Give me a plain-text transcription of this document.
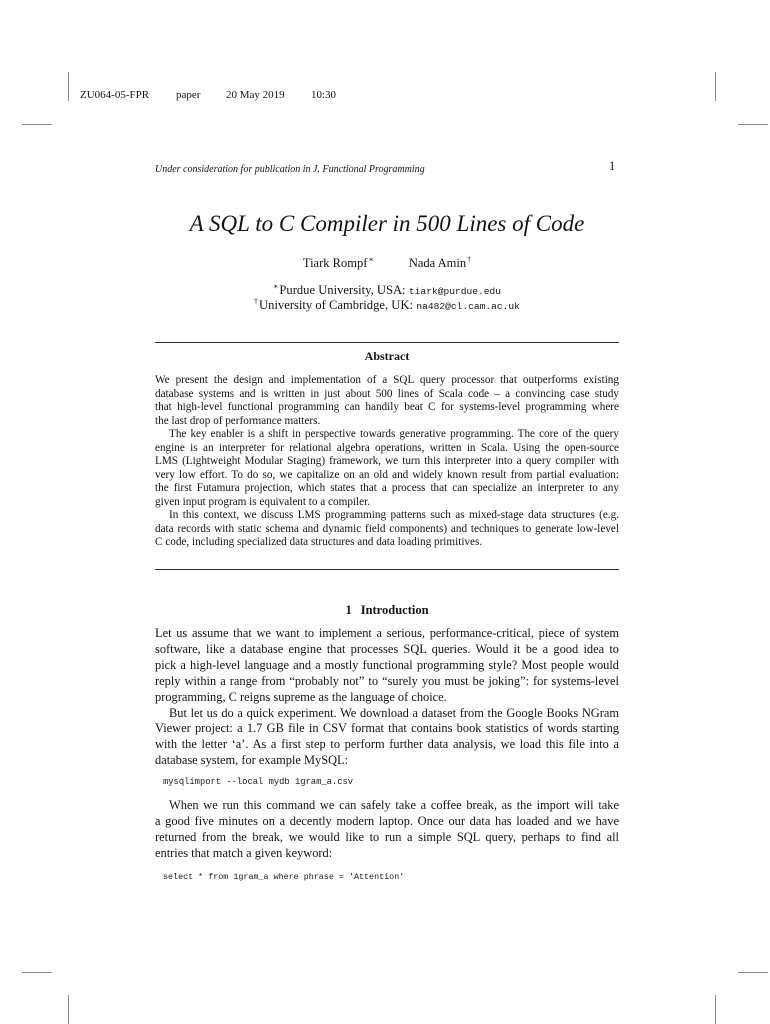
ZU064-05-FPR paper 20 May 2019 10:30
Under consideration for publication in J. Functional Programming	1
A SQL to C Compiler in 500 Lines of Code
Tiark Rompf∗	Nada Amin†
∗Purdue University, USA: tiark@purdue.edu
†University of Cambridge, UK: na482@cl.cam.ac.uk
Abstract
We present the design and implementation of a SQL query processor that outperforms existing
database systems and is written in just about 500 lines of Scala code – a convincing case study
that high-level functional programming can handily beat C for systems-level programming where
the last drop of performance matters.
The key enabler is a shift in perspective towards generative programming. The core of the query
engine is an interpreter for relational algebra operations, written in Scala. Using the open-source
LMS (Lightweight Modular Staging) framework, we turn this interpreter into a query compiler with
very low effort. To do so, we capitalize on an old and widely known result from partial evaluation:
the first Futamura projection, which states that a process that can specialize an interpreter to any
given input program is equivalent to a compiler.
In this context, we discuss LMS programming patterns such as mixed-stage data structures (e.g.
data records with static schema and dynamic field components) and techniques to generate low-level
C code, including specialized data structures and data loading primitives.
1 Introduction
Let us assume that we want to implement a serious, performance-critical, piece of system
software, like a database engine that processes SQL queries. Would it be a good idea to
pick a high-level language and a mostly functional programming style? Most people would
reply within a range from “probably not” to “surely you must be joking”: for systems-level
programming, C reigns supreme as the language of choice.
But let us do a quick experiment. We download a dataset from the Google Books NGram
Viewer project: a 1.7 GB file in CSV format that contains book statistics of words starting
with the letter ‘a’. As a first step to perform further data analysis, we load this file into a
database system, for example MySQL:
mysqlimport --local mydb 1gram_a.csv
When we run this command we can safely take a coffee break, as the import will take
a good five minutes on a decently modern laptop. Once our data has loaded and we have
returned from the break, we would like to run a simple SQL query, perhaps to find all
entries that match a given keyword:
select * from 1gram_a where phrase = 'Attention'
